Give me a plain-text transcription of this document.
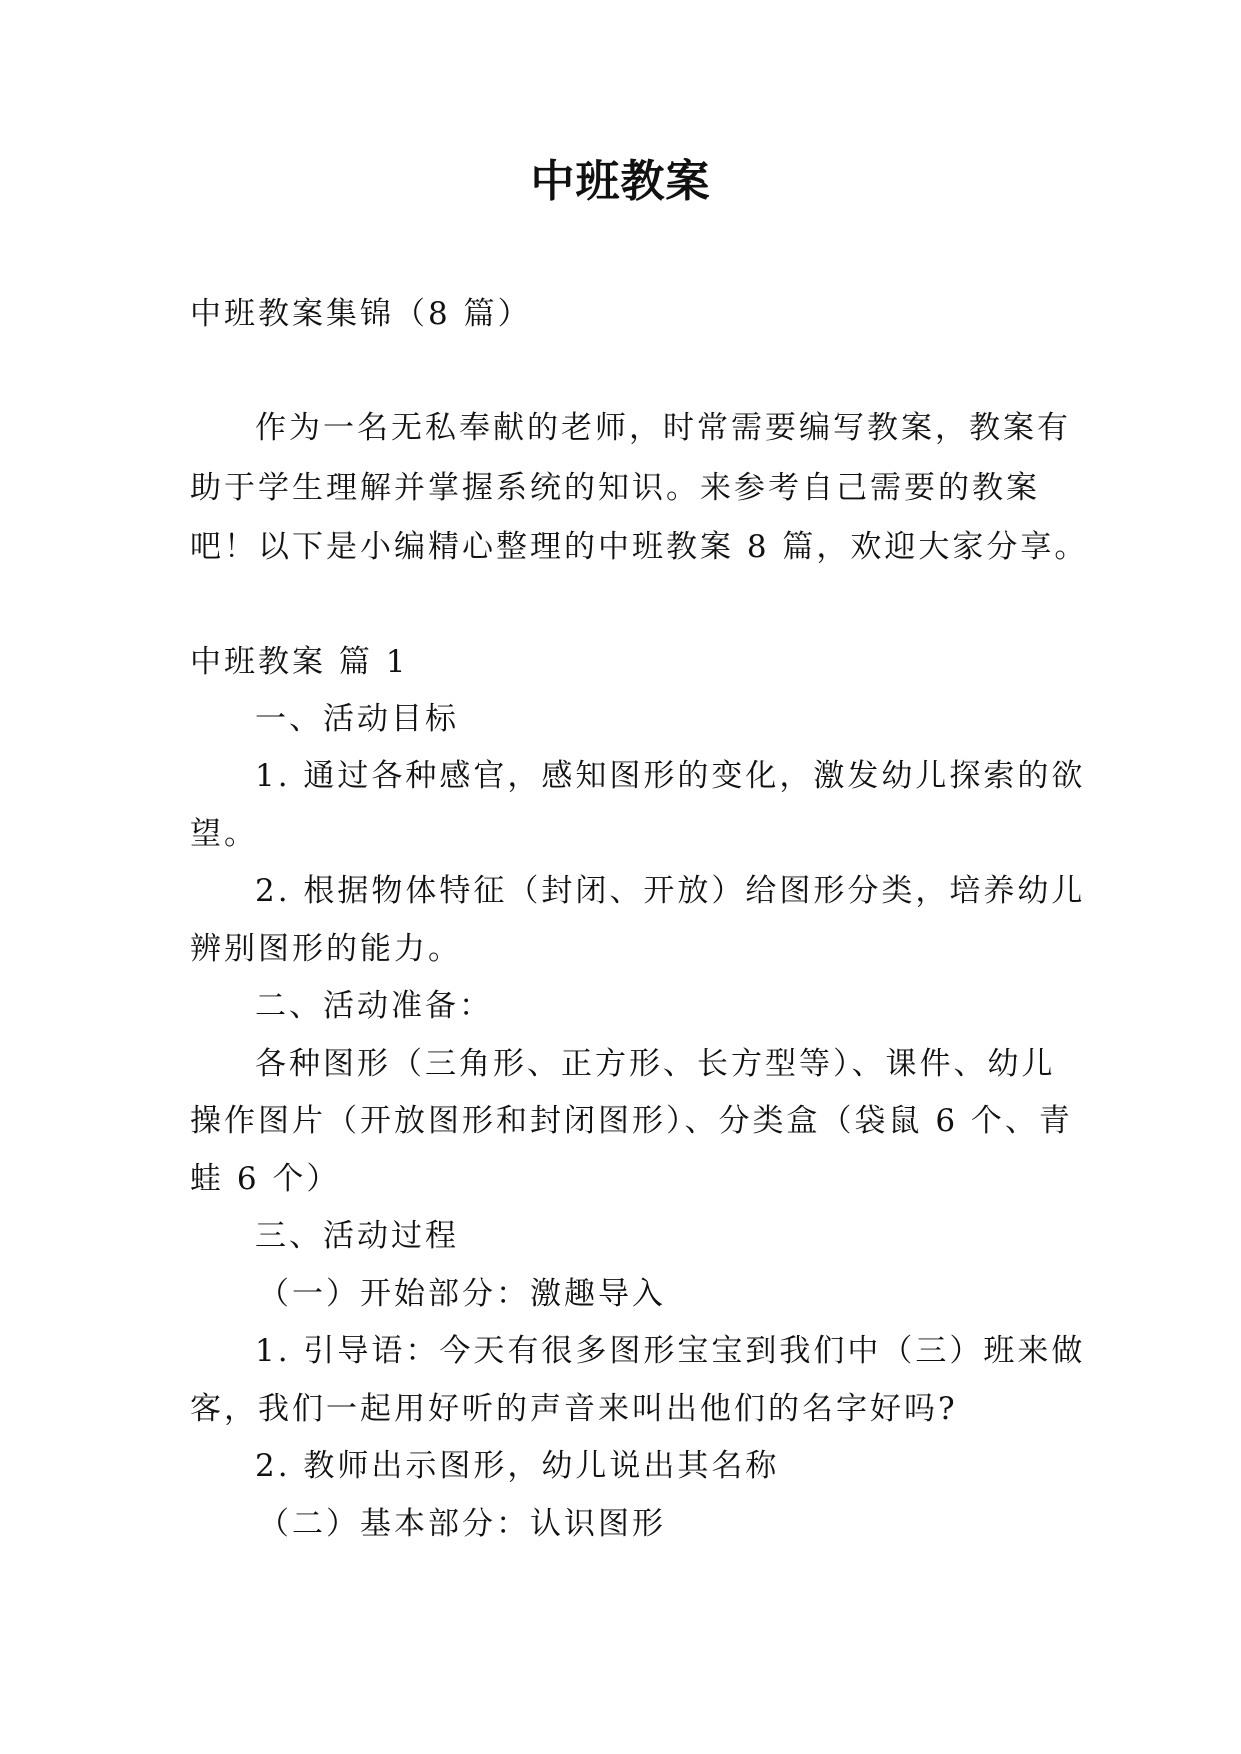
中班教案
中班教案集锦（8 篇）
作为一名无私奉献的老师，时常需要编写教案，教案有
助于学生理解并掌握系统的知识。来参考自己需要的教案
吧！以下是小编精心整理的中班教案 8 篇，欢迎大家分享。
中班教案 篇 1
一、活动目标
1. 通过各种感官，感知图形的变化，激发幼儿探索的欲
望。
2. 根据物体特征（封闭、开放）给图形分类，培养幼儿
辨别图形的能力。
二、活动准备：
各种图形（三角形、正方形、长方型等）、课件、幼儿
操作图片（开放图形和封闭图形）、分类盒（袋鼠 6 个、青
蛙 6 个）
三、活动过程
（一）开始部分：激趣导入
1. 引导语：今天有很多图形宝宝到我们中（三）班来做
客，我们一起用好听的声音来叫出他们的名字好吗?
2. 教师出示图形，幼儿说出其名称
（二）基本部分：认识图形
